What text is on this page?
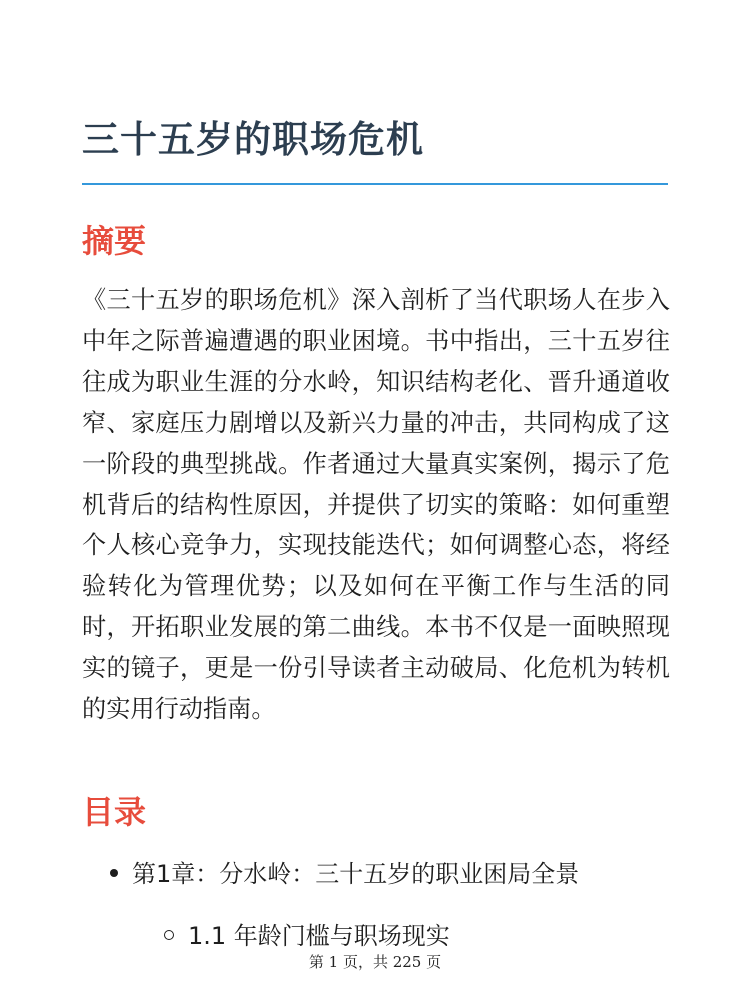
三十五岁的职场危机
摘要

《三十五岁的职场危机》深入剖析了当代职场人在步入中年之际普遍遭遇的职业困境。书中指出，三十五岁往往成为职业生涯的分水岭，知识结构老化、晋升通道收窄、家庭压力剧增以及新兴力量的冲击，共同构成了这一阶段的典型挑战。作者通过大量真实案例，揭示了危机背后的结构性原因，并提供了切实的策略：如何重塑个人核心竞争力，实现技能迭代；如何调整心态，将经验转化为管理优势；以及如何在平衡工作与生活的同时，开拓职业发展的第二曲线。本书不仅是一面映照现实的镜子，更是一份引导读者主动破局、化危机为转机的实用行动指南。

目录
第1章：分水岭：三十五岁的职业困局全景
1.1 年龄门槛与职场现实
第 1 页，共 225 页
